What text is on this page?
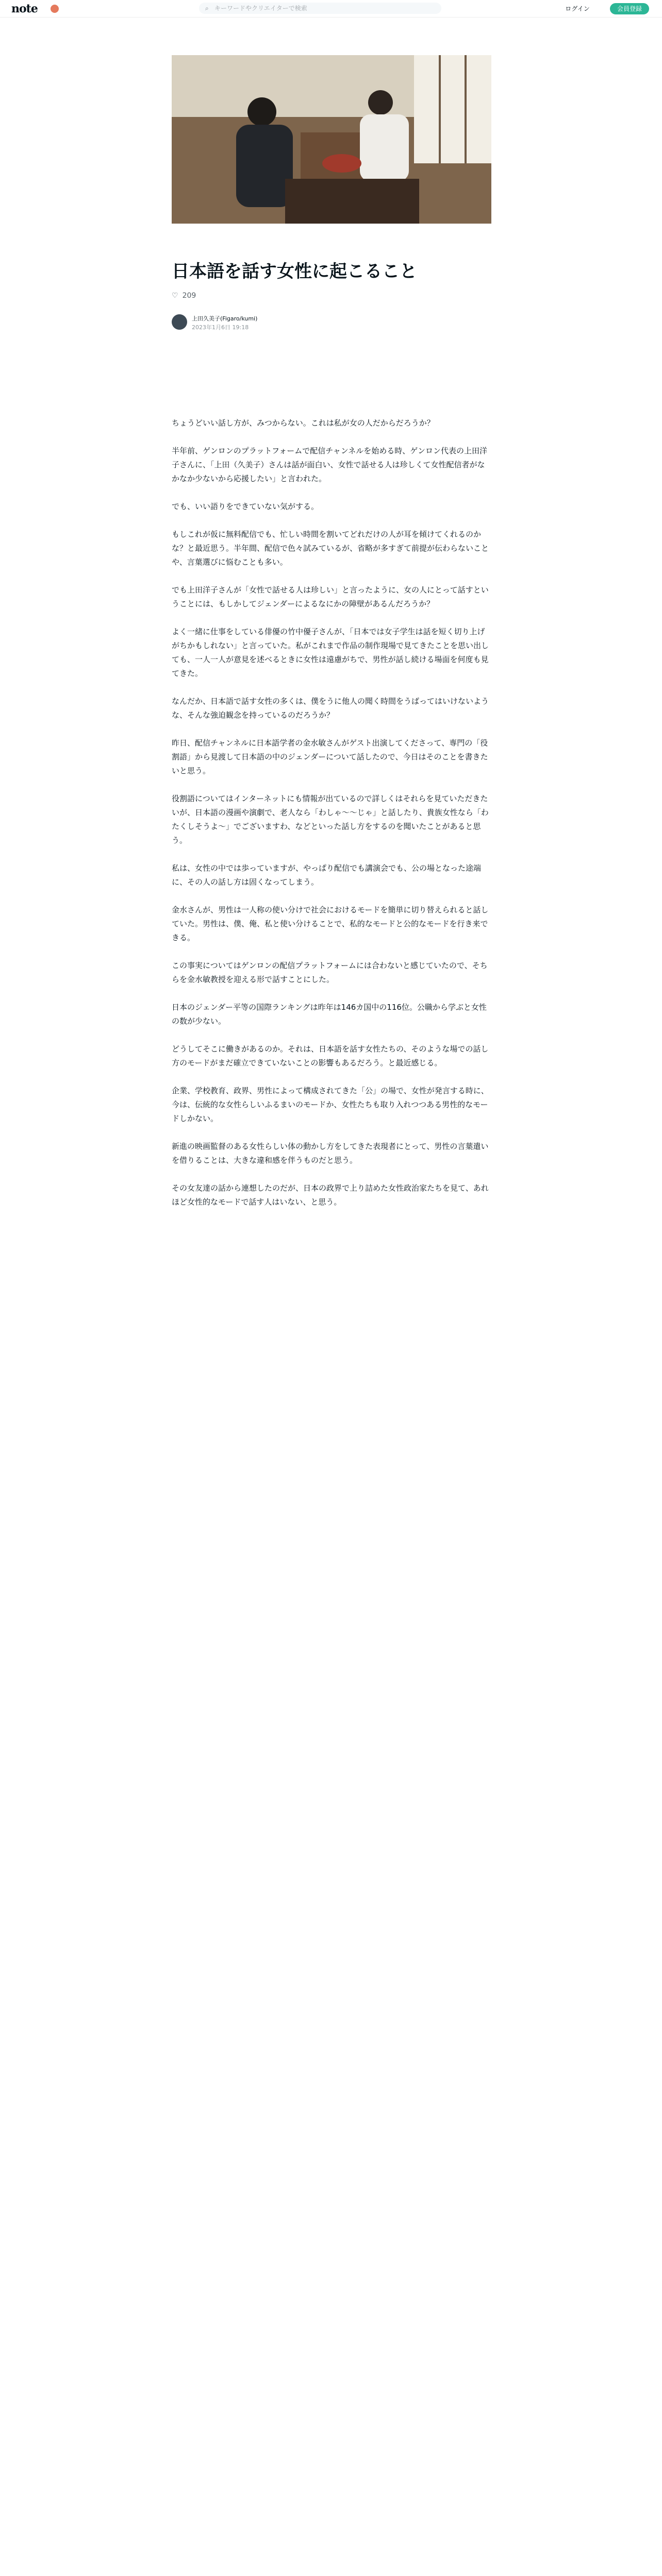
note	⌕ キーワードやクリエイターで検索	ログイン	会員登録
日本語を話す女性に起こること
♡ 209
上田久美子(Figaro/kumi)
2023年1月6日 19:18

ちょうどいい話し方が、みつからない。これは私が女の人だからだろうか？

半年前、ゲンロンのプラットフォームで配信チャンネルを始める時、ゲンロン代表の上田洋子さんに、「上田（久美子）さんは話が面白い、女性で話せる人は珍しくて女性配信者がなかなか少ないから応援したい」と言われた。

でも、いい語りをできていない気がする。

もしこれが仮に無料配信でも、忙しい時間を割いてどれだけの人が耳を傾けてくれるのかな？と最近思う。半年間、配信で色々試みているが、省略が多すぎて前提が伝わらないことや、言葉選びに悩むことも多い。

でも上田洋子さんが「女性で話せる人は珍しい」と言ったように、女の人にとって話すということには、もしかしてジェンダーによるなにかの障壁があるんだろうか？

よく一緒に仕事をしている俳優の竹中優子さんが、「日本では女子学生は話を短く切り上げがちかもしれない」と言っていた。私がこれまで作品の制作現場で見てきたことを思い出しても、一人一人が意見を述べるときに女性は遠慮がちで、男性が話し続ける場面を何度も見てきた。

なんだか、日本語で話す女性の多くは、僕をうに他人の聞く時間をうばってはいけないような、そんな強迫観念を持っているのだろうか？

昨日、配信チャンネルに日本語学者の金水敏さんがゲスト出演してくださって、専門の「役割語」から見渡して日本語の中のジェンダーについて話したので、今日はそのことを書きたいと思う。

役割語についてはインターネットにも情報が出ているので詳しくはそれらを見ていただきたいが、日本語の漫画や演劇で、老人なら「わしゃ〜〜じゃ」と話したり、貴族女性なら「わたくしそうよ〜」でございますわ、などといった話し方をするのを聞いたことがあると思う。

私は、女性の中では歩っていますが、やっぱり配信でも講演会でも、公の場となった途端に、その人の話し方は固くなってしまう。

金水さんが、男性は一人称の使い分けで社会におけるモードを簡単に切り替えられると話していた。男性は、僕、俺、私と使い分けることで、私的なモードと公的なモードを行き来できる。

この事実についてはゲンロンの配信プラットフォームには合わないと感じていたので、そちらを金水敏教授を迎える形で話すことにした。

日本のジェンダー平等の国際ランキングは昨年は146カ国中の116位。公職から学ぶと女性の数が少ない。

どうしてそこに働きがあるのか。それは、日本語を話す女性たちの、そのような場での話し方のモードがまだ確立できていないことの影響もあるだろう。と最近感じる。

企業、学校教育、政界、男性によって構成されてきた「公」の場で、女性が発言する時に、今は、伝統的な女性らしいふるまいのモードか、女性たちも取り入れつつある男性的なモードしかない。

新進の映画監督のある女性らしい体の動かし方をしてきた表現者にとって、男性の言葉遣いを借りることは、大きな違和感を伴うものだと思う。

その女友達の話から連想したのだが、日本の政界で上り詰めた女性政治家たちを見て、あれほど女性的なモードで話す人はいない、と思う。
